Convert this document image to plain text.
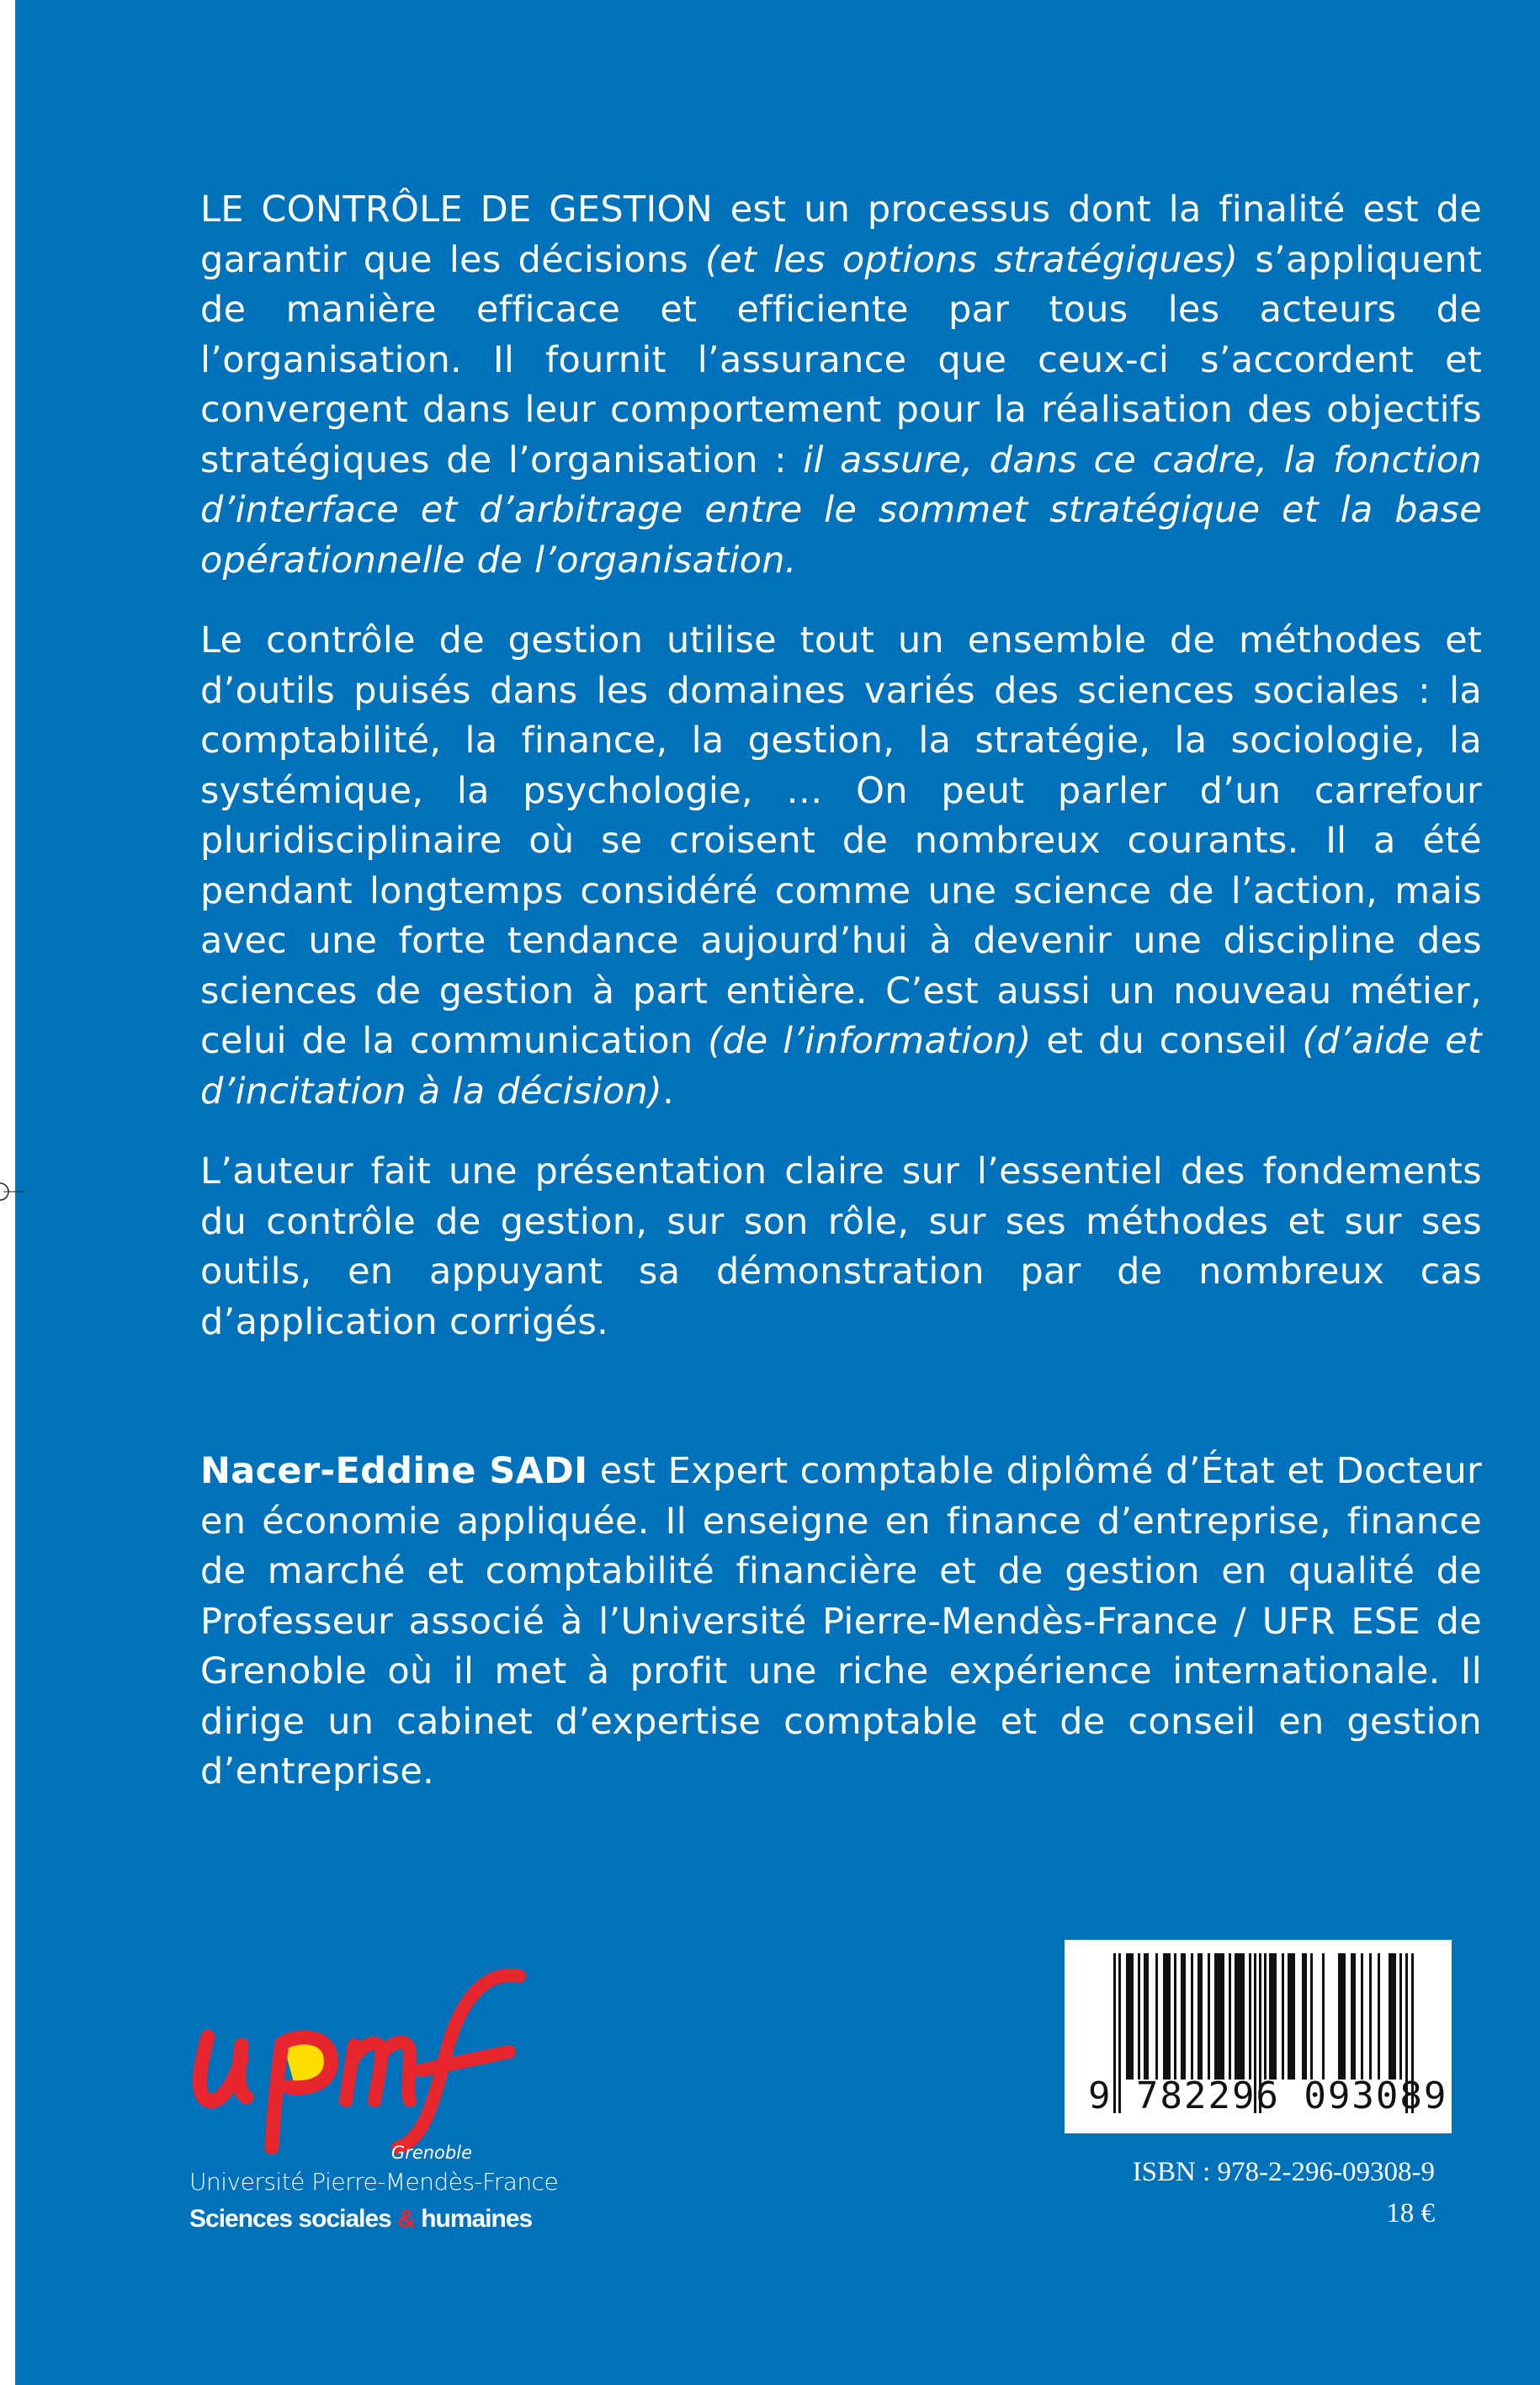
LE CONTRÔLE DE GESTION est un processus dont la finalité est de garantir que les décisions (et les options stratégiques) s’appliquent de manière efficace et efficiente par tous les acteurs de l’organisation. Il fournit l’assurance que ceux-ci s’accordent et convergent dans leur comportement pour la réalisation des objectifs stratégiques de l’organisation : il assure, dans ce cadre, la fonction d’interface et d’arbitrage entre le sommet stratégique et la base opérationnelle de l’organisation.

Le contrôle de gestion utilise tout un ensemble de méthodes et d’outils puisés dans les domaines variés des sciences sociales : la comptabilité, la finance, la gestion, la stratégie, la sociologie, la systémique, la psychologie, … On peut parler d’un carrefour pluridisciplinaire où se croisent de nombreux courants. Il a été pendant longtemps considéré comme une science de l’action, mais avec une forte tendance aujourd’hui à devenir une discipline des sciences de gestion à part entière. C’est aussi un nouveau métier, celui de la communication (de l’information) et du conseil (d’aide et d’incitation à la décision).

L’auteur fait une présentation claire sur l’essentiel des fondements du contrôle de gestion, sur son rôle, sur ses méthodes et sur ses outils, en appuyant sa démonstration par de nombreux cas d’application corrigés.

Nacer-Eddine SADI est Expert comptable diplômé d’État et Docteur en économie appliquée. Il enseigne en finance d’entreprise, finance de marché et comptabilité financière et de gestion en qualité de Professeur associé à l’Université Pierre-Mendès-France / UFR ESE de Grenoble où il met à profit une riche expérience internationale. Il dirige un cabinet d’expertise comptable et de conseil en gestion d’entreprise.

Grenoble
Université Pierre-Mendès-France
Sciences sociales & humaines
9 782296 093089
ISBN : 978-2-296-09308-9
18 €
